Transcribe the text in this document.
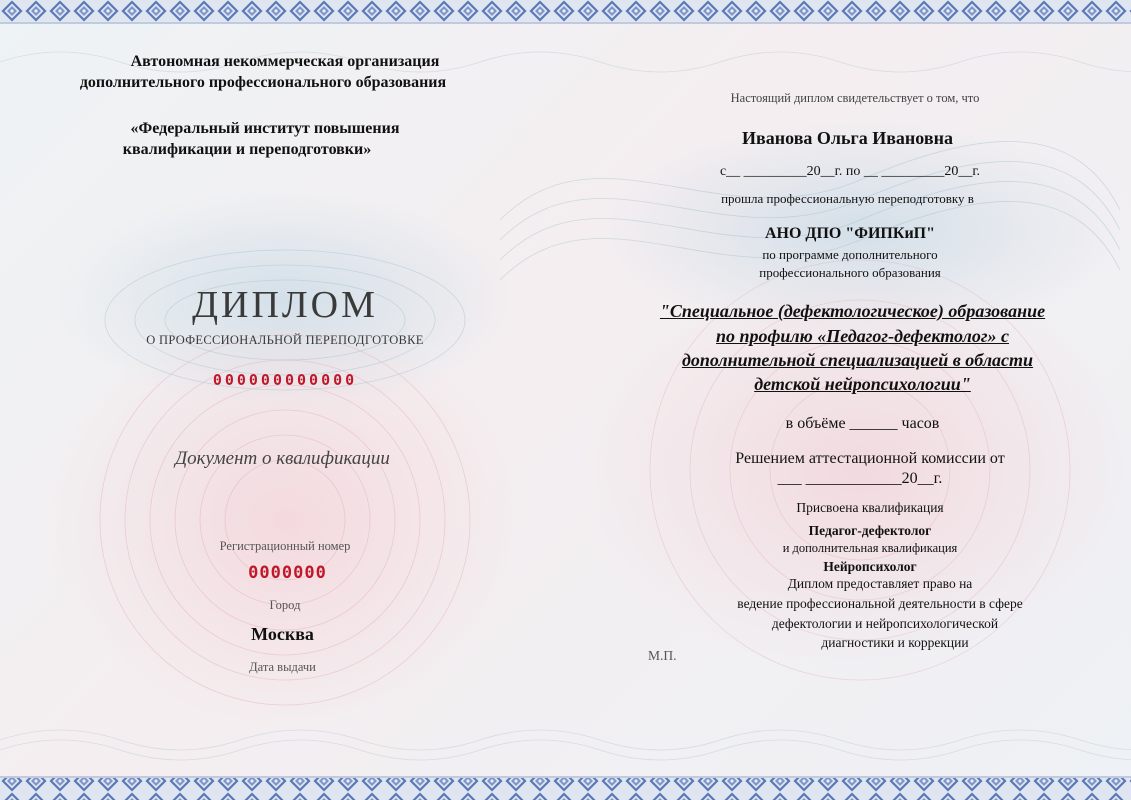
Автономная некоммерческая организация
дополнительного профессионального образования
«Федеральный институт повышения
квалификации и переподготовки»
ДИПЛОМ
О ПРОФЕССИОНАЛЬНОЙ ПЕРЕПОДГОТОВКЕ
000000000000
Документ о квалификации
Регистрационный номер
0000000
Город
Москва
Дата выдачи
Настоящий диплом свидетельствует о том, что
Иванова Ольга Ивановна
с__ _________20__г. по __ _________20__г.
прошла профессиональную переподготовку в
АНО ДПО "ФИПКиП"
по программе дополнительного
профессионального образования
"Специальное (дефектологическое) образование
по профилю «Педагог-дефектолог» с
дополнительной специализацией в области
детской нейропсихологии"
в объёме ______ часов
Решением аттестационной комиссии от
___ ____________20__г.
Присвоена квалификация
Педагог-дефектолог
и дополнительная квалификация
Нейропсихолог
Диплом предоставляет право на
ведение профессиональной деятельности в сфере
дефектологии и нейропсихологической
диагностики и коррекции
М.П.
